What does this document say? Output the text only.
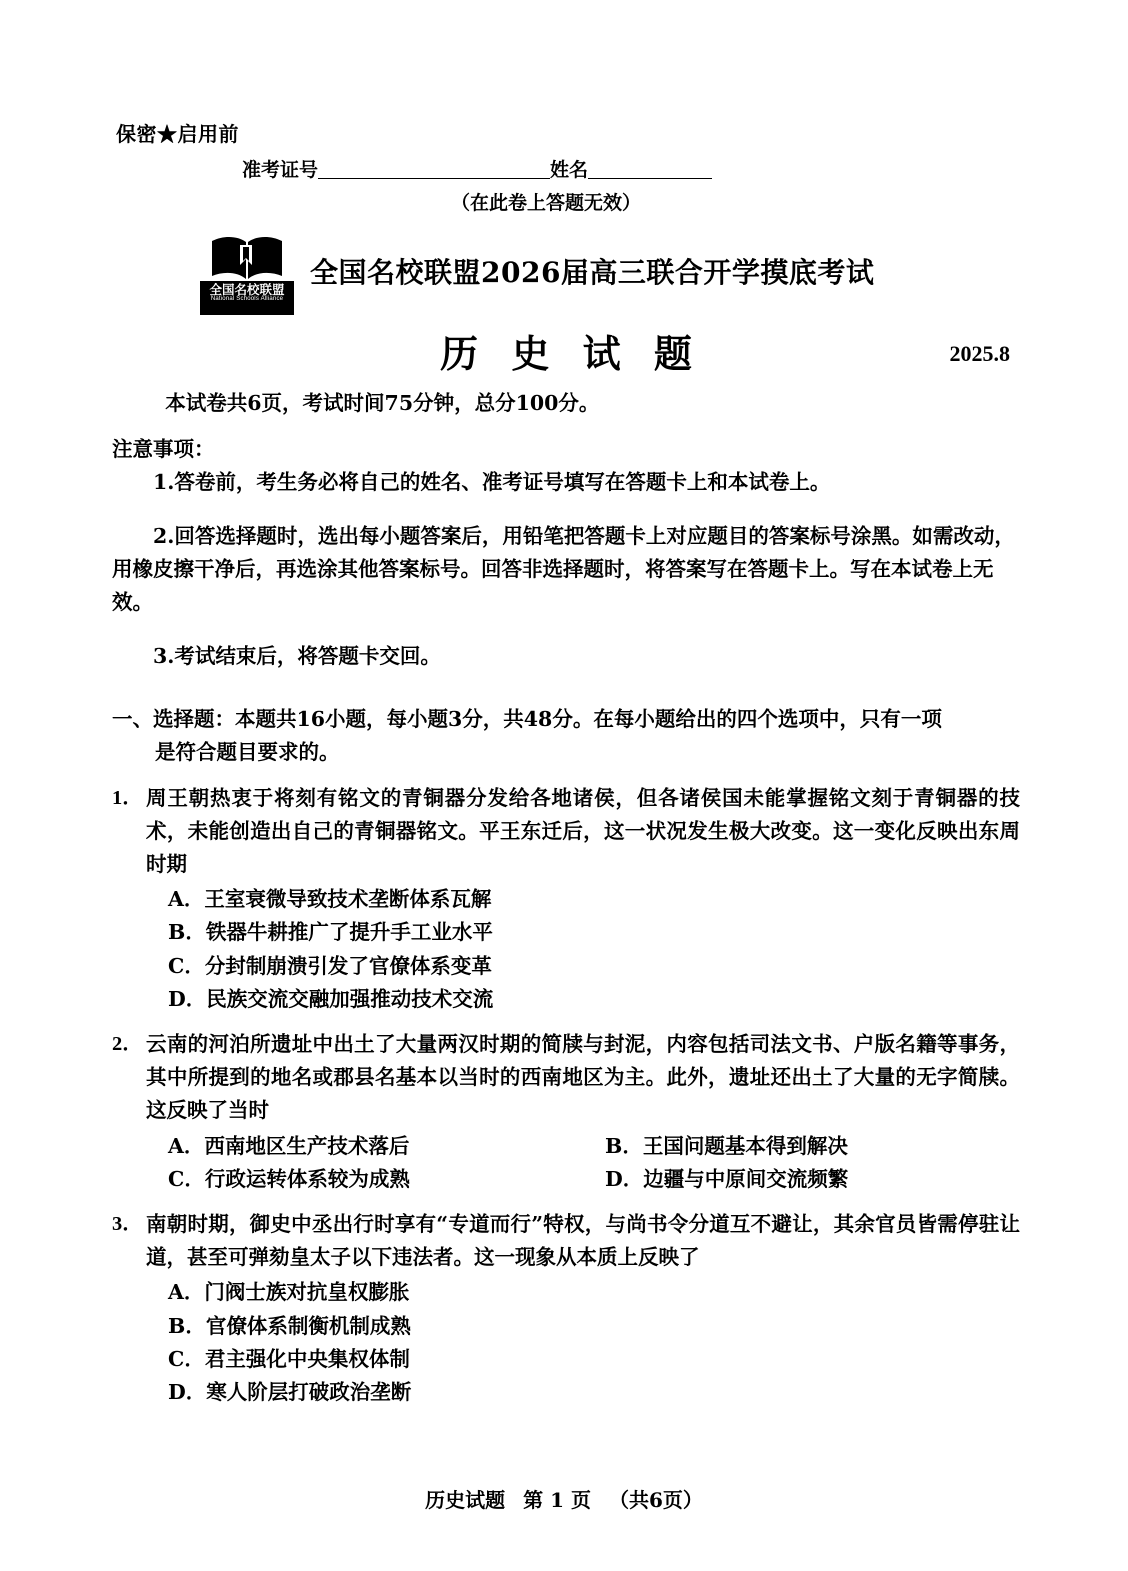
保密★启用前
准考证号	姓名
（在此卷上答题无效）
全国名校联盟
National Schools Alliance
全国名校联盟2026届高三联合开学摸底考试
历 史 试 题	2025.8

本试卷共6页，考试时间75分钟，总分100分。

注意事项：

1.答卷前，考生务必将自己的姓名、准考证号填写在答题卡上和本试卷上。

2.回答选择题时，选出每小题答案后，用铅笔把答题卡上对应题目的答案标号涂黑。如需改动，用橡皮擦干净后，再选涂其他答案标号。回答非选择题时，将答案写在答题卡上。写在本试卷上无效。

3.考试结束后，将答题卡交回。

一、选择题：本题共16小题，每小题3分，共48分。在每小题给出的四个选项中，只有一项
是符合题目要求的。
1． 周王朝热衷于将刻有铭文的青铜器分发给各地诸侯，但各诸侯国未能掌握铭文刻于青铜器的技术，未能创造出自己的青铜器铭文。平王东迁后，这一状况发生极大改变。这一变化反映出东周时期
A．王室衰微导致技术垄断体系瓦解
B．铁器牛耕推广了提升手工业水平
C．分封制崩溃引发了官僚体系变革
D．民族交流交融加强推动技术交流
2． 云南的河泊所遗址中出土了大量两汉时期的简牍与封泥，内容包括司法文书、户版名籍等事务，其中所提到的地名或郡县名基本以当时的西南地区为主。此外，遗址还出土了大量的无字简牍。这反映了当时
A．西南地区生产技术落后	B．王国问题基本得到解决
C．行政运转体系较为成熟	D．边疆与中原间交流频繁
3． 南朝时期，御史中丞出行时享有“专道而行”特权，与尚书令分道互不避让，其余官员皆需停驻让道，甚至可弹劾皇太子以下违法者。这一现象从本质上反映了
A．门阀士族对抗皇权膨胀
B．官僚体系制衡机制成熟
C．君主强化中央集权体制
D．寒人阶层打破政治垄断
历史试题 第 1 页 （共6页）
